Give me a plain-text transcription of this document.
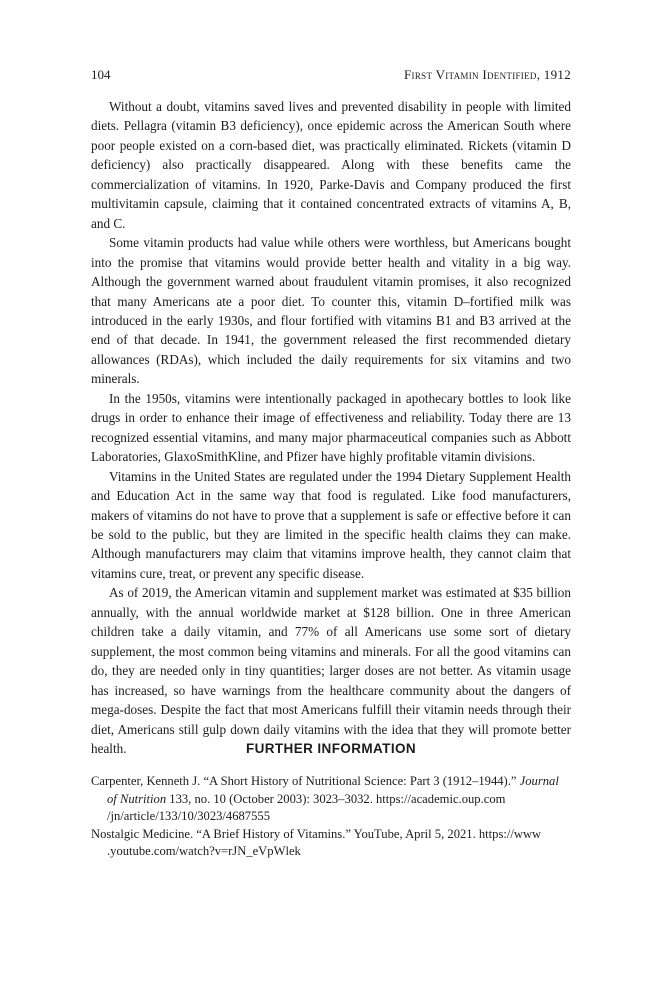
104	First Vitamin Identified, 1912

Without a doubt, vitamins saved lives and prevented disability in people with limited diets. Pellagra (vitamin B3 deficiency), once epidemic across the American South where poor people existed on a corn-based diet, was practically eliminated. Rickets (vitamin D deficiency) also practically disappeared. Along with these benefits came the commercialization of vitamins. In 1920, Parke-Davis and Company produced the first multivitamin capsule, claiming that it contained concentrated extracts of vitamins A, B, and C.

Some vitamin products had value while others were worthless, but Americans bought into the promise that vitamins would provide better health and vitality in a big way. Although the government warned about fraudulent vitamin promises, it also recognized that many Americans ate a poor diet. To counter this, vitamin D–fortified milk was introduced in the early 1930s, and flour fortified with vitamins B1 and B3 arrived at the end of that decade. In 1941, the government released the first recommended dietary allowances (RDAs), which included the daily requirements for six vitamins and two minerals.

In the 1950s, vitamins were intentionally packaged in apothecary bottles to look like drugs in order to enhance their image of effectiveness and reliability. Today there are 13 recognized essential vitamins, and many major pharmaceutical companies such as Abbott Laboratories, GlaxoSmithKline, and Pfizer have highly profitable vitamin divisions.

Vitamins in the United States are regulated under the 1994 Dietary Supplement Health and Education Act in the same way that food is regulated. Like food manufacturers, makers of vitamins do not have to prove that a supplement is safe or effective before it can be sold to the public, but they are limited in the specific health claims they can make. Although manufacturers may claim that vitamins improve health, they cannot claim that vitamins cure, treat, or prevent any specific disease.

As of 2019, the American vitamin and supplement market was estimated at $35 billion annually, with the annual worldwide market at $128 billion. One in three American children take a daily vitamin, and 77% of all Americans use some sort of dietary supplement, the most common being vitamins and minerals. For all the good vitamins can do, they are needed only in tiny quantities; larger doses are not better. As vitamin usage has increased, so have warnings from the healthcare community about the dangers of mega-doses. Despite the fact that most Americans fulfill their vitamin needs through their diet, Americans still gulp down daily vitamins with the idea that they will promote better health.	FURTHER INFORMATION

Carpenter, Kenneth J. “A Short History of Nutritional Science: Part 3 (1912–1944).” Journal of Nutrition 133, no. 10 (October 2003): 3023–3032. https://academic.oup.com /jn/article/133/10/3023/4687555

Nostalgic Medicine. “A Brief History of Vitamins.” YouTube, April 5, 2021. https://www .youtube.com/watch?v=rJN_eVpWlek
